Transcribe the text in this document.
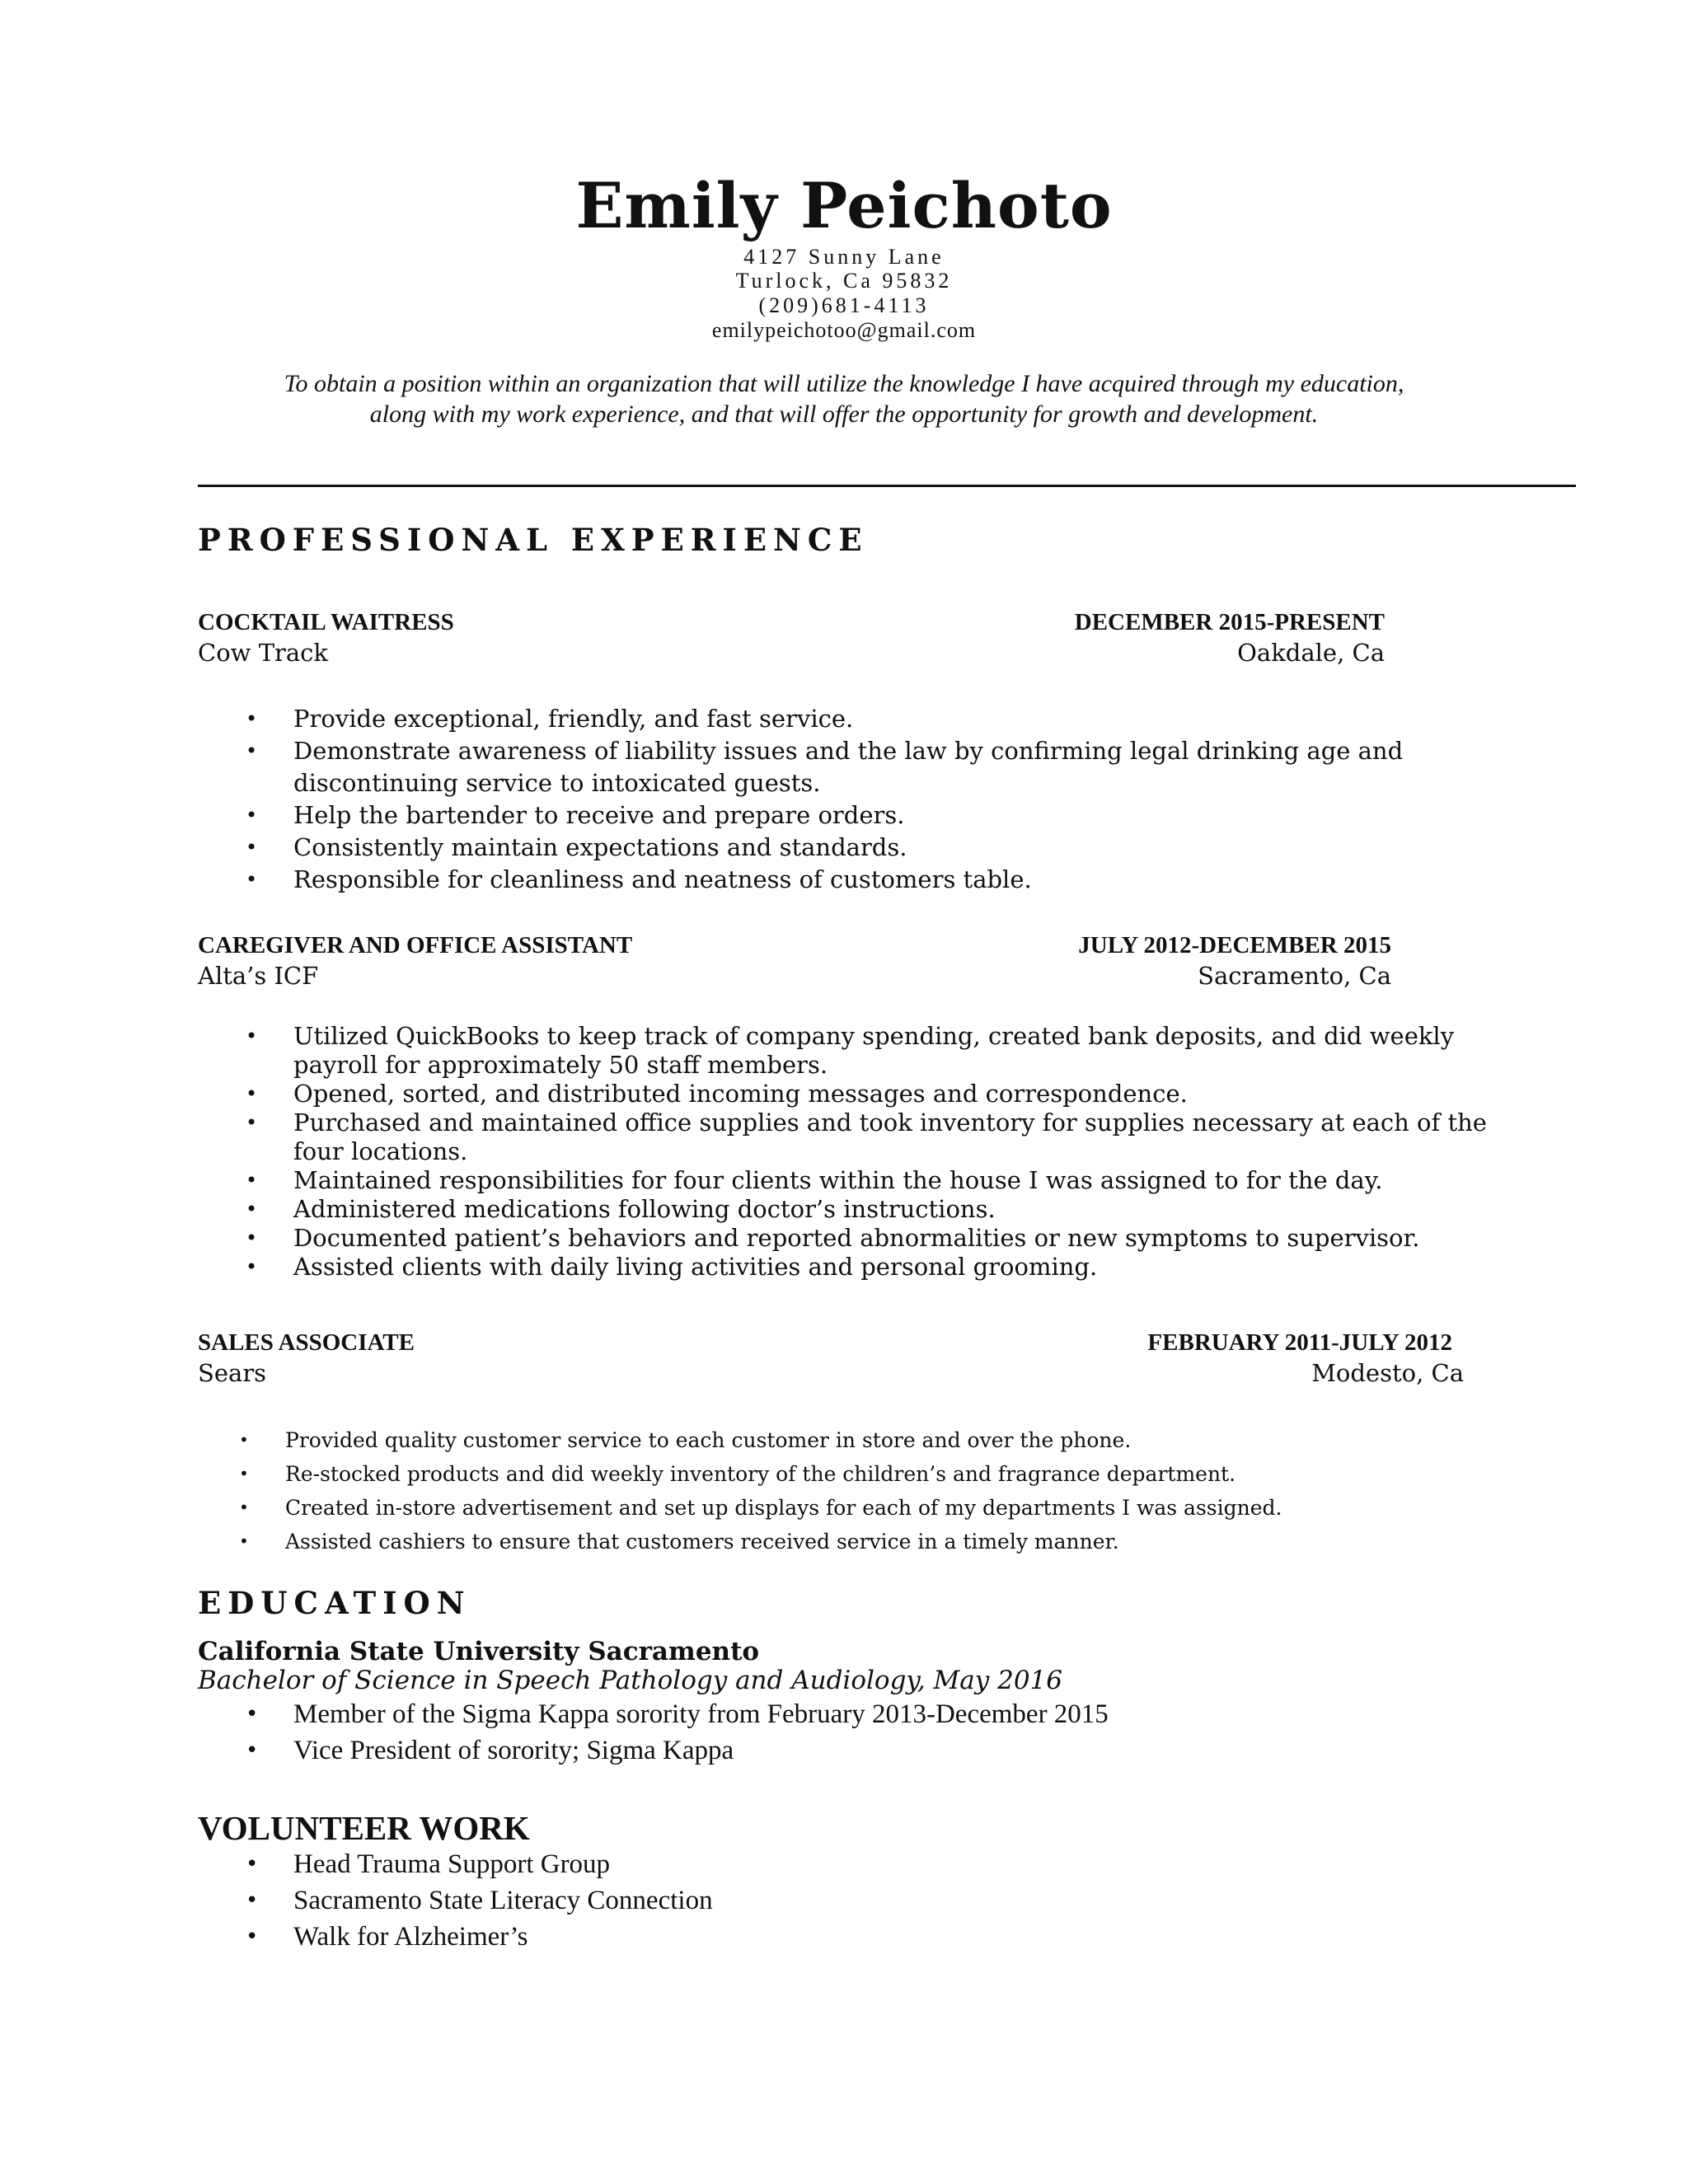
Emily Peichoto
4127 Sunny Lane
Turlock, Ca 95832
(209)681-4113
emilypeichotoo@gmail.com
To obtain a position within an organization that will utilize the knowledge I have acquired through my education,
along with my work experience, and that will offer the opportunity for growth and development.
PROFESSIONAL EXPERIENCE
COCKTAIL WAITRESS	DECEMBER 2015-PRESENT
Cow Track	Oakdale, Ca
• Provide exceptional, friendly, and fast service.
• Demonstrate awareness of liability issues and the law by confirming legal drinking age and discontinuing service to intoxicated guests.
• Help the bartender to receive and prepare orders.
• Consistently maintain expectations and standards.
• Responsible for cleanliness and neatness of customers table.
CAREGIVER AND OFFICE ASSISTANT	JULY 2012-DECEMBER 2015
Alta’s ICF	Sacramento, Ca
• Utilized QuickBooks to keep track of company spending, created bank deposits, and did weekly payroll for approximately 50 staff members.
• Opened, sorted, and distributed incoming messages and correspondence.
• Purchased and maintained office supplies and took inventory for supplies necessary at each of the four locations.
• Maintained responsibilities for four clients within the house I was assigned to for the day.
• Administered medications following doctor’s instructions.
• Documented patient’s behaviors and reported abnormalities or new symptoms to supervisor.
• Assisted clients with daily living activities and personal grooming.
SALES ASSOCIATE	FEBRUARY 2011-JULY 2012
Sears	Modesto, Ca
• Provided quality customer service to each customer in store and over the phone.
• Re-stocked products and did weekly inventory of the children’s and fragrance department.
• Created in-store advertisement and set up displays for each of my departments I was assigned.
• Assisted cashiers to ensure that customers received service in a timely manner.
EDUCATION
California State University Sacramento
Bachelor of Science in Speech Pathology and Audiology, May 2016
• Member of the Sigma Kappa sorority from February 2013-December 2015
• Vice President of sorority; Sigma Kappa
VOLUNTEER WORK
• Head Trauma Support Group
• Sacramento State Literacy Connection
• Walk for Alzheimer’s
